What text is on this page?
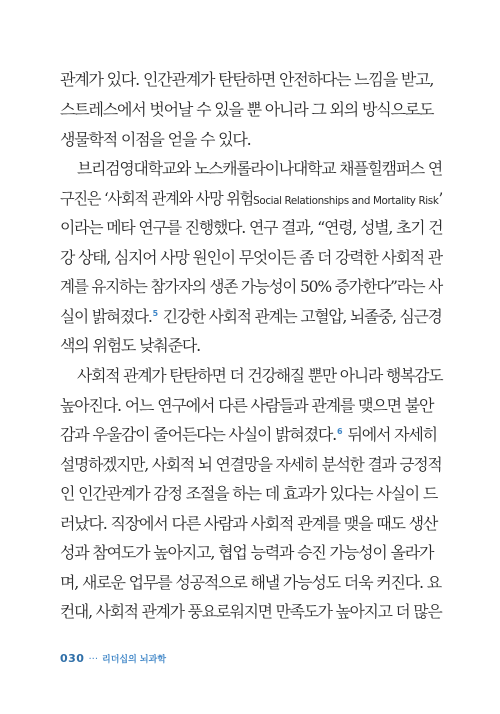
관계가 있다. 인간관계가 탄탄하면 안전하다는 느낌을 받고,
스트레스에서 벗어날 수 있을 뿐 아니라 그 외의 방식으로도
생물학적 이점을 얻을 수 있다.
브리검영대학교와 노스캐롤라이나대학교 채플힐캠퍼스 연
구진은 ‘사회적 관계와 사망 위험Social Relationships and Mortality Risk’
이라는 메타 연구를 진행했다. 연구 결과, “연령, 성별, 초기 건
강 상태, 심지어 사망 원인이 무엇이든 좀 더 강력한 사회적 관
계를 유지하는 참가자의 생존 가능성이 50% 증가한다”라는 사
실이 밝혀졌다.$^5$ 긴강한 사회적 관계는 고혈압, 뇌졸중, 심근경
색의 위험도 낮춰준다.
사회적 관계가 탄탄하면 더 건강해질 뿐만 아니라 행복감도
높아진다. 어느 연구에서 다른 사람들과 관계를 맺으면 불안
감과 우울감이 줄어든다는 사실이 밝혀졌다.$^6$ 뒤에서 자세히
설명하겠지만, 사회적 뇌 연결망을 자세히 분석한 결과 긍정적
인 인간관계가 감정 조절을 하는 데 효과가 있다는 사실이 드
러났다. 직장에서 다른 사람과 사회적 관계를 맺을 때도 생산
성과 참여도가 높아지고, 협업 능력과 승진 가능성이 올라가
며, 새로운 업무를 성공적으로 해낼 가능성도 더욱 커진다. 요
컨대, 사회적 관계가 풍요로워지면 만족도가 높아지고 더 많은
030 ··· 리더십의 뇌과학
